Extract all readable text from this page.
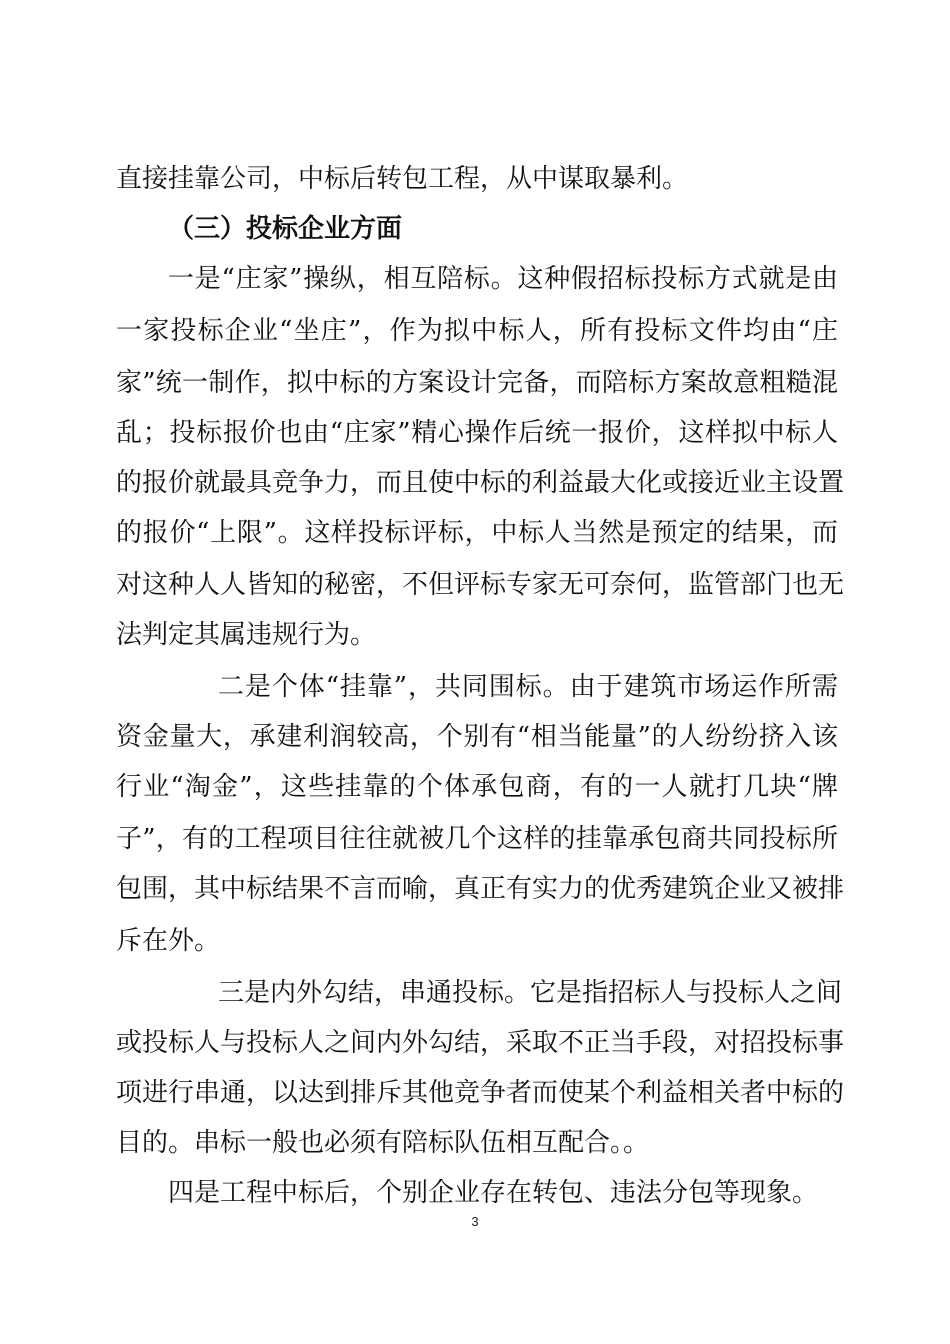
直接挂靠公司，中标后转包工程，从中谋取暴利。
（三）投标企业方面
一是“庄家”操纵，相互陪标。这种假招标投标方式就是由
一家投标企业“坐庄”，作为拟中标人，所有投标文件均由“庄
家”统一制作，拟中标的方案设计完备，而陪标方案故意粗糙混
乱；投标报价也由“庄家”精心操作后统一报价，这样拟中标人
的报价就最具竞争力，而且使中标的利益最大化或接近业主设置
的报价“上限”。这样投标评标，中标人当然是预定的结果，而
对这种人人皆知的秘密，不但评标专家无可奈何，监管部门也无
法判定其属违规行为。
二是个体“挂靠”，共同围标。由于建筑市场运作所需
资金量大，承建利润较高，个别有“相当能量”的人纷纷挤入该
行业“淘金”，这些挂靠的个体承包商，有的一人就打几块“牌
子”，有的工程项目往往就被几个这样的挂靠承包商共同投标所
包围，其中标结果不言而喻，真正有实力的优秀建筑企业又被排
斥在外。
三是内外勾结，串通投标。它是指招标人与投标人之间
或投标人与投标人之间内外勾结，采取不正当手段，对招投标事
项进行串通，以达到排斥其他竞争者而使某个利益相关者中标的
目的。串标一般也必须有陪标队伍相互配合。。
四是工程中标后，个别企业存在转包、违法分包等现象。
3
